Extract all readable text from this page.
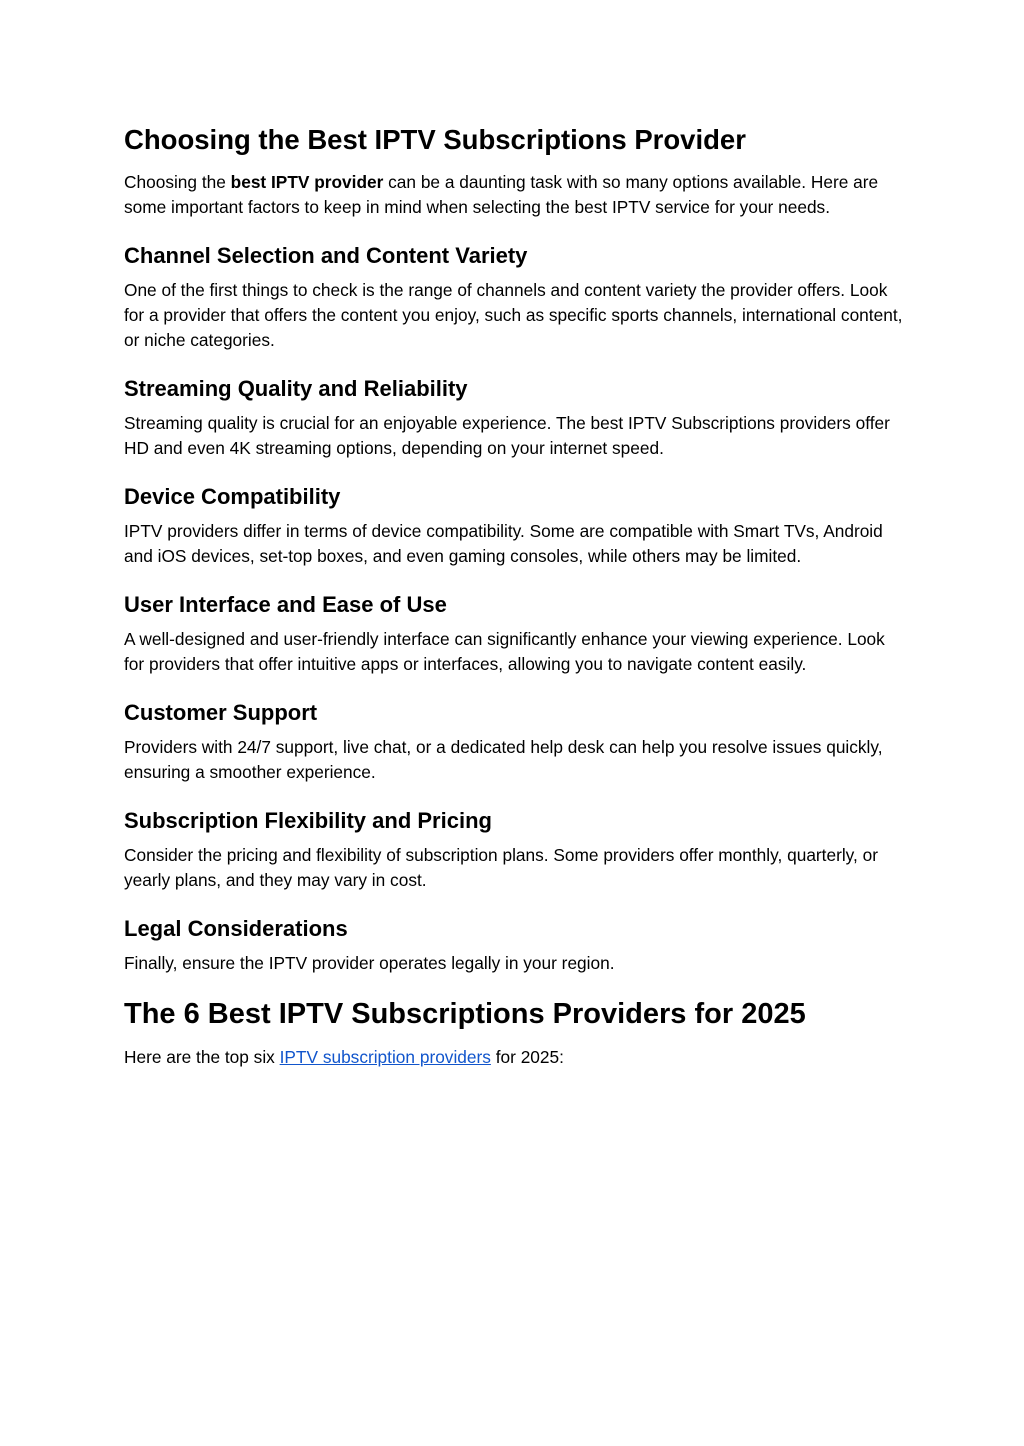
Choosing the Best IPTV Subscriptions Provider

Choosing the best IPTV provider can be a daunting task with so many options available. Here are some important factors to keep in mind when selecting the best IPTV service for your needs.

Channel Selection and Content Variety

One of the first things to check is the range of channels and content variety the provider offers. Look for a provider that offers the content you enjoy, such as specific sports channels, international content, or niche categories.

Streaming Quality and Reliability

Streaming quality is crucial for an enjoyable experience. The best IPTV Subscriptions providers offer HD and even 4K streaming options, depending on your internet speed.

Device Compatibility

IPTV providers differ in terms of device compatibility. Some are compatible with Smart TVs, Android and iOS devices, set-top boxes, and even gaming consoles, while others may be limited.

User Interface and Ease of Use

A well-designed and user-friendly interface can significantly enhance your viewing experience. Look for providers that offer intuitive apps or interfaces, allowing you to navigate content easily.

Customer Support

Providers with 24/7 support, live chat, or a dedicated help desk can help you resolve issues quickly, ensuring a smoother experience.

Subscription Flexibility and Pricing

Consider the pricing and flexibility of subscription plans. Some providers offer monthly, quarterly, or yearly plans, and they may vary in cost.

Legal Considerations

Finally, ensure the IPTV provider operates legally in your region.

The 6 Best IPTV Subscriptions Providers for 2025

Here are the top six IPTV subscription providers for 2025:
